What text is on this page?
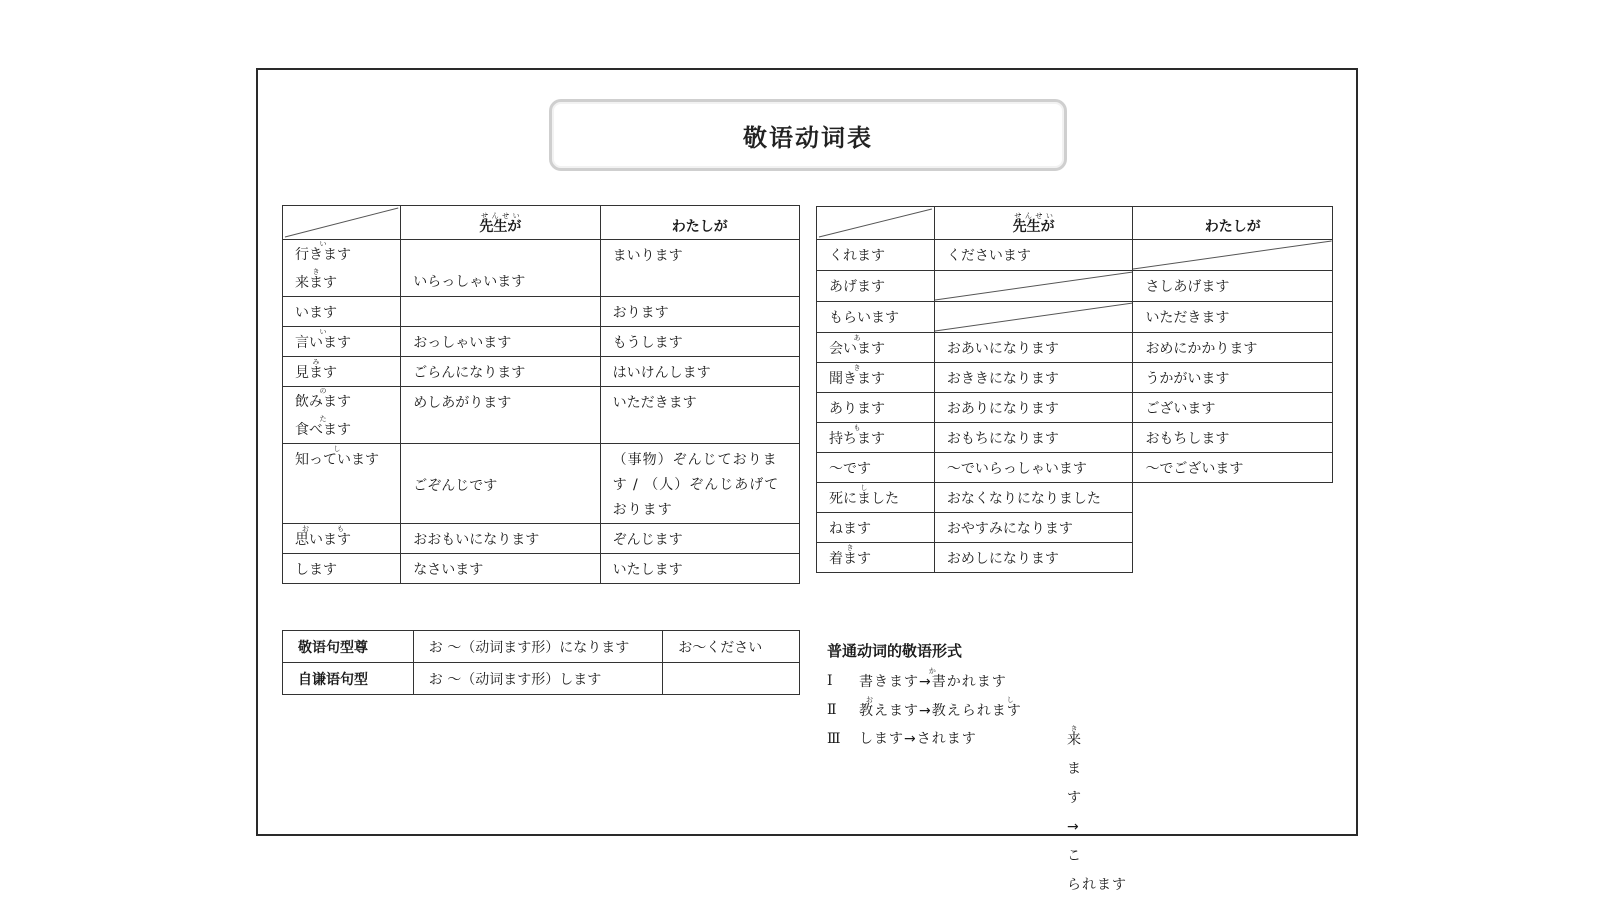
敬语动词表
	先生がせんせい	わたしが

行きますい
来ますき	いらっしゃいます	まいります

います		おります

言いますい	おっしゃいます	もうします

見ますみ	ごらんになります	はいけんします

飲みますの
食べますた	めしあがります	いただきます

知っていますし	ごぞんじです	（事物）ぞんじております / （人）ぞんじあげております

思いますおも	おおもいになります	ぞんじます

します	なさいます	いたします
	先生がせんせい	わたしが

くれます	くださいます

あげます		さしあげます

もらいます		いただきます

会いますあ	おあいになります	おめにかかります

聞きますき	おききになります	うかがいます

あります	おありになります	ございます

持ちますも	おもちになります	おもちします

～です	～でいらっしゃいます	～でございます

死にましたし	おなくなりになりました	

ねます	おやすみになります	

着ますき	おめしになります	

敬语句型尊	お ～（动词ます形）になります	お～ください
自谦语句型	お ～（动词ます形）します	
普通动词的敬语形式
Ⅰ	書きます→書かれますか
Ⅱ	教えます→教えられますおし
Ⅲ	します→されます	来ます→こられますき
